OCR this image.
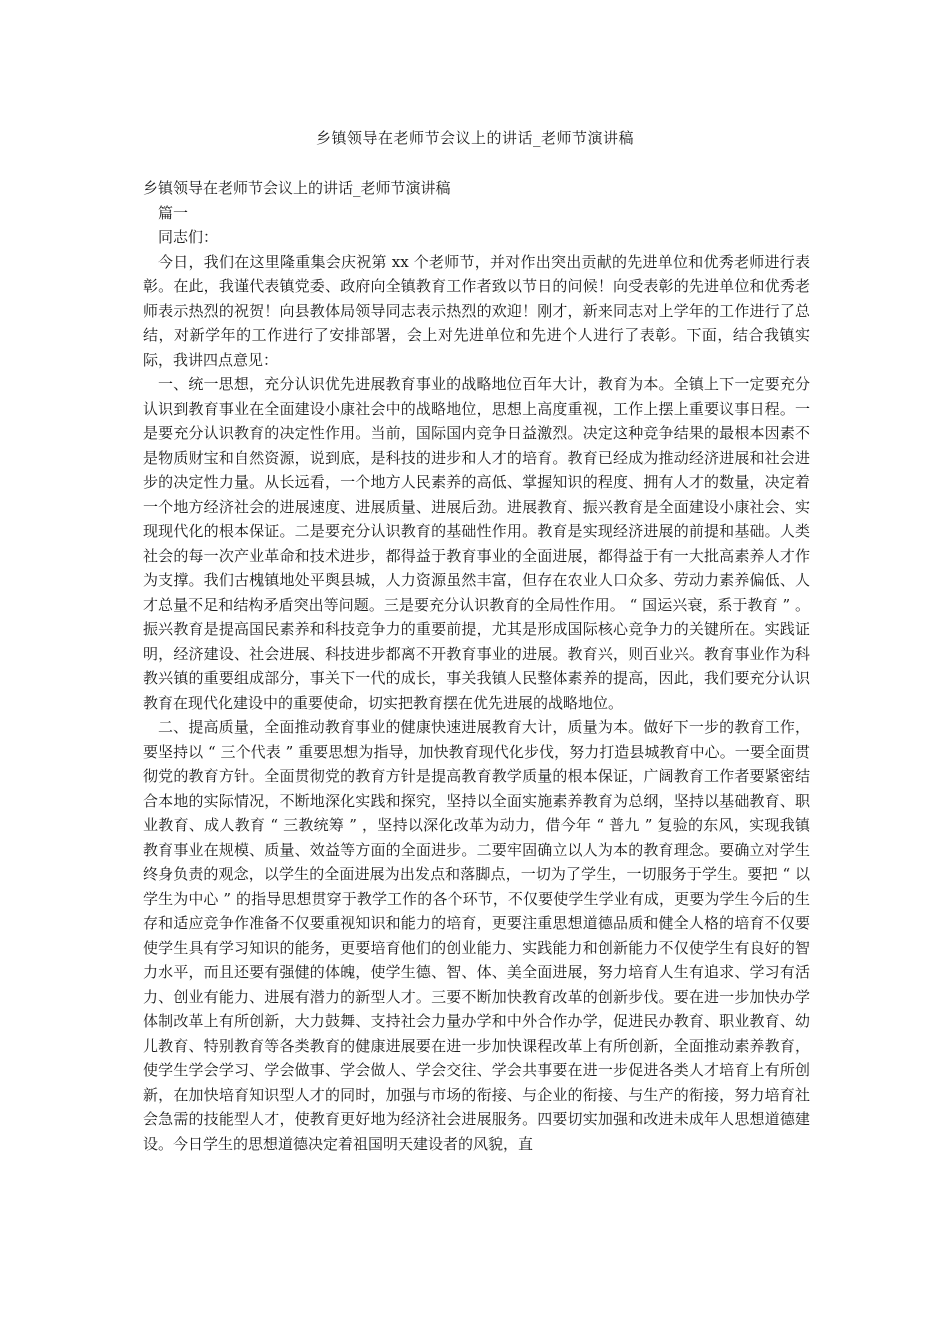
乡镇领导在老师节会议上的讲话_老师节演讲稿

乡镇领导在老师节会议上的讲话_老师节演讲稿

篇一

同志们：

今日，我们在这里隆重集会庆祝第 xx 个老师节，并对作出突出贡献的先进单位和优秀老师进行表彰。在此，我谨代表镇党委、政府向全镇教育工作者致以节日的问候！向受表彰的先进单位和优秀老师表示热烈的祝贺！向县教体局领导同志表示热烈的欢迎！刚才，新来同志对上学年的工作进行了总结，对新学年的工作进行了安排部署，会上对先进单位和先进个人进行了表彰。下面，结合我镇实际，我讲四点意见：

一、统一思想，充分认识优先进展教育事业的战略地位百年大计，教育为本。全镇上下一定要充分认识到教育事业在全面建设小康社会中的战略地位，思想上高度重视，工作上摆上重要议事日程。一是要充分认识教育的决定性作用。当前，国际国内竞争日益激烈。决定这种竞争结果的最根本因素不是物质财宝和自然资源，说到底，是科技的进步和人才的培育。教育已经成为推动经济进展和社会进步的决定性力量。从长远看，一个地方人民素养的高低、掌握知识的程度、拥有人才的数量，决定着一个地方经济社会的进展速度、进展质量、进展后劲。进展教育、振兴教育是全面建设小康社会、实现现代化的根本保证。二是要充分认识教育的基础性作用。教育是实现经济进展的前提和基础。人类社会的每一次产业革命和技术进步，都得益于教育事业的全面进展，都得益于有一大批高素养人才作为支撑。我们古槐镇地处平舆县城，人力资源虽然丰富，但存在农业人口众多、劳动力素养偏低、人才总量不足和结构矛盾突出等问题。三是要充分认识教育的全局性作用。 “ 国运兴衰，系于教育 ” 。振兴教育是提高国民素养和科技竞争力的重要前提，尤其是形成国际核心竞争力的关键所在。实践证明，经济建设、社会进展、科技进步都离不开教育事业的进展。教育兴，则百业兴。教育事业作为科教兴镇的重要组成部分，事关下一代的成长，事关我镇人民整体素养的提高，因此，我们要充分认识教育在现代化建设中的重要使命，切实把教育摆在优先进展的战略地位。

二、提高质量，全面推动教育事业的健康快速进展教育大计，质量为本。做好下一步的教育工作，要坚持以 “ 三个代表 ” 重要思想为指导，加快教育现代化步伐，努力打造县城教育中心。一要全面贯彻党的教育方针。全面贯彻党的教育方针是提高教育教学质量的根本保证，广阔教育工作者要紧密结合本地的实际情况，不断地深化实践和探究，坚持以全面实施素养教育为总纲，坚持以基础教育、职业教育、成人教育 “ 三教统筹 ” ，坚持以深化改革为动力，借今年 “ 普九 ” 复验的东风，实现我镇教育事业在规模、质量、效益等方面的全面进步。二要牢固确立以人为本的教育理念。要确立对学生终身负责的观念，以学生的全面进展为出发点和落脚点，一切为了学生，一切服务于学生。要把 “ 以学生为中心 ” 的指导思想贯穿于教学工作的各个环节，不仅要使学生学业有成，更要为学生今后的生存和适应竞争作准备不仅要重视知识和能力的培育，更要注重思想道德品质和健全人格的培育不仅要使学生具有学习知识的能务，更要培育他们的创业能力、实践能力和创新能力不仅使学生有良好的智力水平，而且还要有强健的体魄，使学生德、智、体、美全面进展，努力培育人生有追求、学习有活力、创业有能力、进展有潜力的新型人才。三要不断加快教育改革的创新步伐。要在进一步加快办学体制改革上有所创新，大力鼓舞、支持社会力量办学和中外合作办学，促进民办教育、职业教育、幼儿教育、特别教育等各类教育的健康进展要在进一步加快课程改革上有所创新，全面推动素养教育，使学生学会学习、学会做事、学会做人、学会交往、学会共事要在进一步促进各类人才培育上有所创新，在加快培育知识型人才的同时，加强与市场的衔接、与企业的衔接、与生产的衔接，努力培育社会急需的技能型人才，使教育更好地为经济社会进展服务。四要切实加强和改进未成年人思想道德建设。今日学生的思想道德决定着祖国明天建设者的风貌，直
